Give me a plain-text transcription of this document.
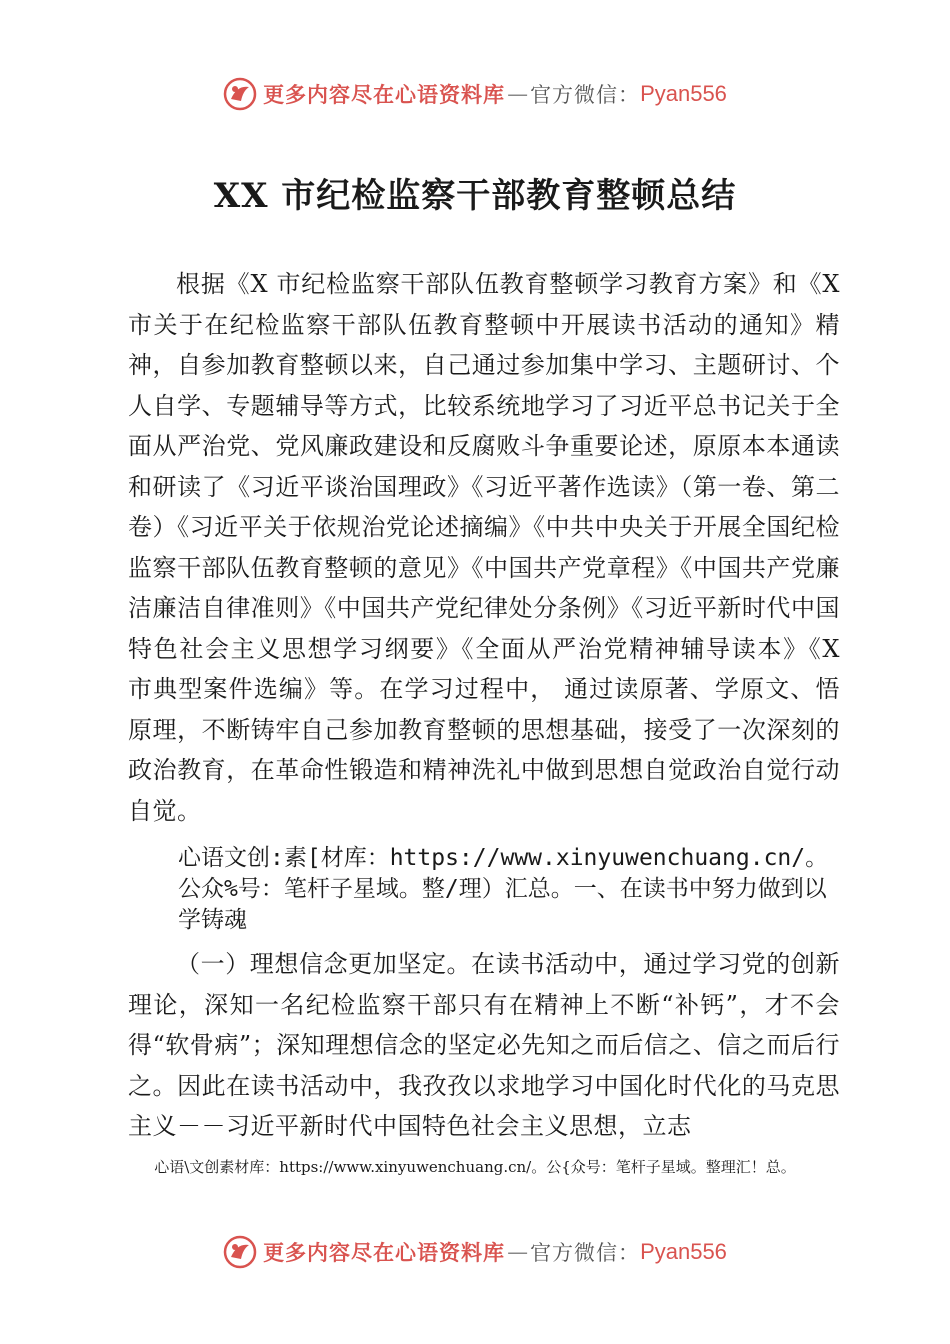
更多内容尽在心语资料库 — 官方微信： Pyan556
XX 市纪检监察干部教育整顿总结

根据《X 市纪检监察干部队伍教育整顿学习教育方案》和《X 市关于在纪检监察干部队伍教育整顿中开展读书活动的通知》精神，自参加教育整顿以来，自己通过参加集中学习、主题研讨、个人自学、专题辅导等方式，比较系统地学习了习近平总书记关于全面从严治党、党风廉政建设和反腐败斗争重要论述，原原本本通读和研读了《习近平谈治国理政》《习近平著作选读》（第一卷、第二卷）《习近平关于依规治党论述摘编》《中共中央关于开展全国纪检监察干部队伍教育整顿的意见》《中国共产党章程》《中国共产党廉洁廉洁自律准则》《中国共产党纪律处分条例》《习近平新时代中国特色社会主义思想学习纲要》《全面从严治党精神辅导读本》《X 市典型案件选编》等。在学习过程中， 通过读原著、学原文、悟原理，不断铸牢自己参加教育整顿的思想基础，接受了一次深刻的政治教育，在革命性锻造和精神洗礼中做到思想自觉政治自觉行动自觉。

心语文创:素[材库：https://www.xinyuwenchuang.cn/。公众%号：笔杆子星域。整/理）汇总。一、在读书中努力做到以学铸魂

（一）理想信念更加坚定。在读书活动中，通过学习党的创新理论，深知一名纪检监察干部只有在精神上不断“补钙”，才不会得“软骨病”；深知理想信念的坚定必先知之而后信之、信之而后行之。因此在读书活动中，我孜孜以求地学习中国化时代化的马克思主义－－习近平新时代中国特色社会主义思想，立志

心语\文创素材库：https://www.xinyuwenchuang.cn/。公{众号：笔杆子星域。整理汇！总。

更多内容尽在心语资料库 — 官方微信： Pyan556
